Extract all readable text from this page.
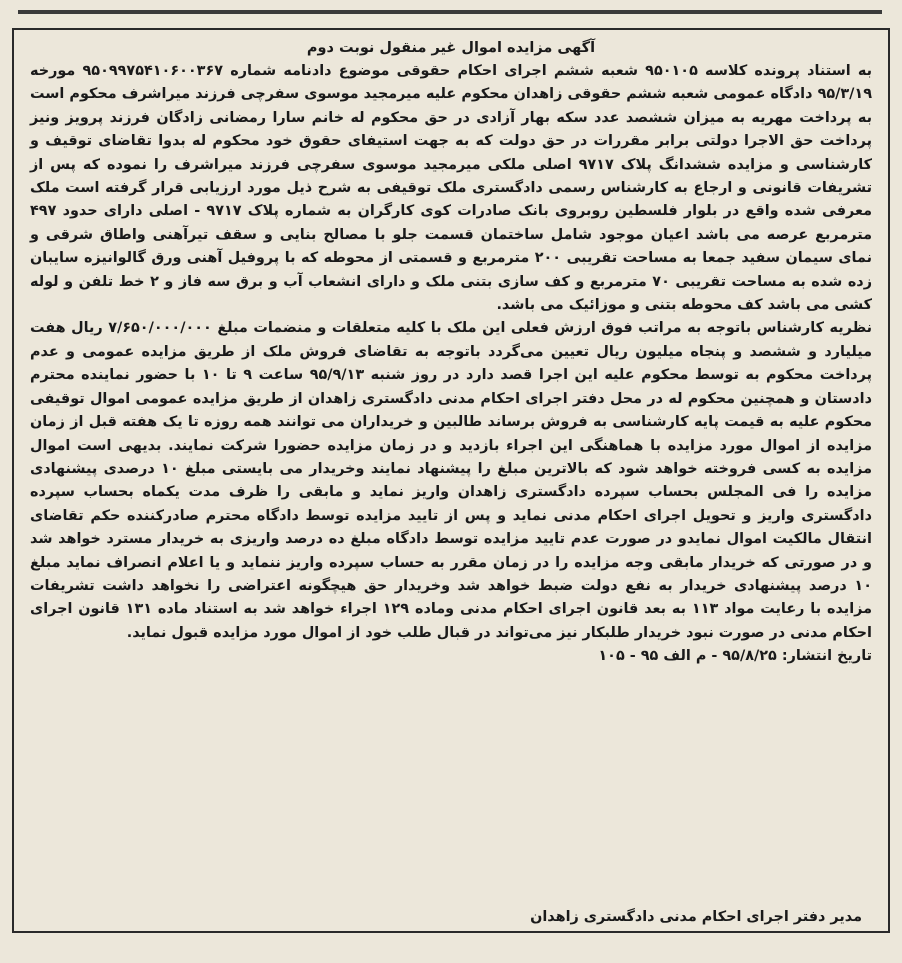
آگهی مزایده اموال غیر منقول نوبت دوم

به استناد پرونده کلاسه ۹۵۰۱۰۵ شعبه ششم اجرای احکام حقوقی موضوع دادنامه شماره ۹۵۰۹۹۷۵۴۱۰۶۰۰۳۶۷ مورخه ۹۵/۳/۱۹ دادگاه عمومی شعبه ششم حقوقی زاهدان محکوم علیه میرمجید موسوی سفرچی فرزند میراشرف محکوم است به پرداخت مهریه به میزان ششصد عدد سکه بهار آزادی در حق محکوم له خانم سارا رمضانی زادگان فرزند پرویز ونیز پرداخت حق الاجرا دولتی برابر مقررات در حق دولت که به جهت استیفای حقوق خود محکوم له بدوا تقاضای توقیف و کارشناسی و مزایده ششدانگ پلاک ۹۷۱۷ اصلی ملکی میرمجید موسوی سفرچی فرزند میراشرف را نموده که پس از تشریفات قانونی و ارجاع به کارشناس رسمی دادگستری ملک توقیفی به شرح ذیل مورد ارزیابی قرار گرفته است ملک معرفی شده واقع در بلوار فلسطین روبروی بانک صادرات کوی کارگران به شماره پلاک ۹۷۱۷ - اصلی دارای حدود ۴۹۷ مترمربع عرصه می باشد اعیان موجود شامل ساختمان قسمت جلو با مصالح بنایی و سقف تیرآهنی واطاق شرقی و نمای سیمان سفید جمعا به مساحت تقریبی ۲۰۰ مترمربع و قسمتی از محوطه که با پروفیل آهنی ورق گالوانیزه سایبان زده شده به مساحت تقریبی ۷۰ مترمربع و کف سازی بتنی ملک و دارای انشعاب آب و برق سه فاز و ۲ خط تلفن و لوله کشی می باشد کف محوطه بتنی و موزائیک می باشد.

نظریه کارشناس باتوجه به مراتب فوق ارزش فعلی این ملک با کلیه متعلقات و منضمات مبلغ ۷/۶۵۰/۰۰۰/۰۰۰ ریال هفت میلیارد و ششصد و پنجاه میلیون ریال تعیین می‌گردد باتوجه به تقاضای فروش ملک از طریق مزایده عمومی و عدم پرداخت محکوم به توسط محکوم علیه این اجرا قصد دارد در روز شنبه ۹۵/۹/۱۳ ساعت ۹ تا ۱۰ با حضور نماینده محترم دادستان و همچنین محکوم له در محل دفتر اجرای احکام مدنی دادگستری زاهدان از طریق مزایده عمومی اموال توقیفی محکوم علیه به قیمت پایه کارشناسی به فروش برساند طالبین و خریداران می توانند همه روزه تا یک هفته قبل از زمان مزایده از اموال مورد مزایده با هماهنگی این اجراء بازدید و در زمان مزایده حضورا شرکت نمایند. بدیهی است اموال مزایده به کسی فروخته خواهد شود که بالاترین مبلغ را پیشنهاد نمایند وخریدار می بایستی مبلغ ۱۰ درصدی پیشنهادی مزایده را فی المجلس بحساب سپرده دادگستری زاهدان واریز نماید و مابقی را ظرف مدت یکماه بحساب سپرده دادگستری واریز و تحویل اجرای احکام مدنی نماید و پس از تایید مزایده توسط دادگاه محترم صادرکننده حکم تقاضای انتقال مالکیت اموال نمایدو در صورت عدم تایید مزایده توسط دادگاه مبلغ ده درصد واریزی به خریدار مسترد خواهد شد و در صورتی که خریدار مابقی وجه مزایده را در زمان مقرر به حساب سپرده واریز ننماید و یا اعلام انصراف نماید مبلغ ۱۰ درصد پیشنهادی خریدار به نفع دولت ضبط خواهد شد وخریدار حق هیچگونه اعتراضی را نخواهد داشت تشریفات مزایده با رعایت مواد ۱۱۳ به بعد قانون اجرای احکام مدنی وماده ۱۲۹ اجراء خواهد شد به استناد ماده ۱۳۱ قانون اجرای احکام مدنی در صورت نبود خریدار طلبکار نیز می‌تواند در قبال طلب خود از اموال مورد مزایده قبول نماید.

تاریخ انتشار: ۹۵/۸/۲۵ - م الف ۹۵ - ۱۰۵

مدیر دفتر اجرای احکام مدنی دادگستری زاهدان
